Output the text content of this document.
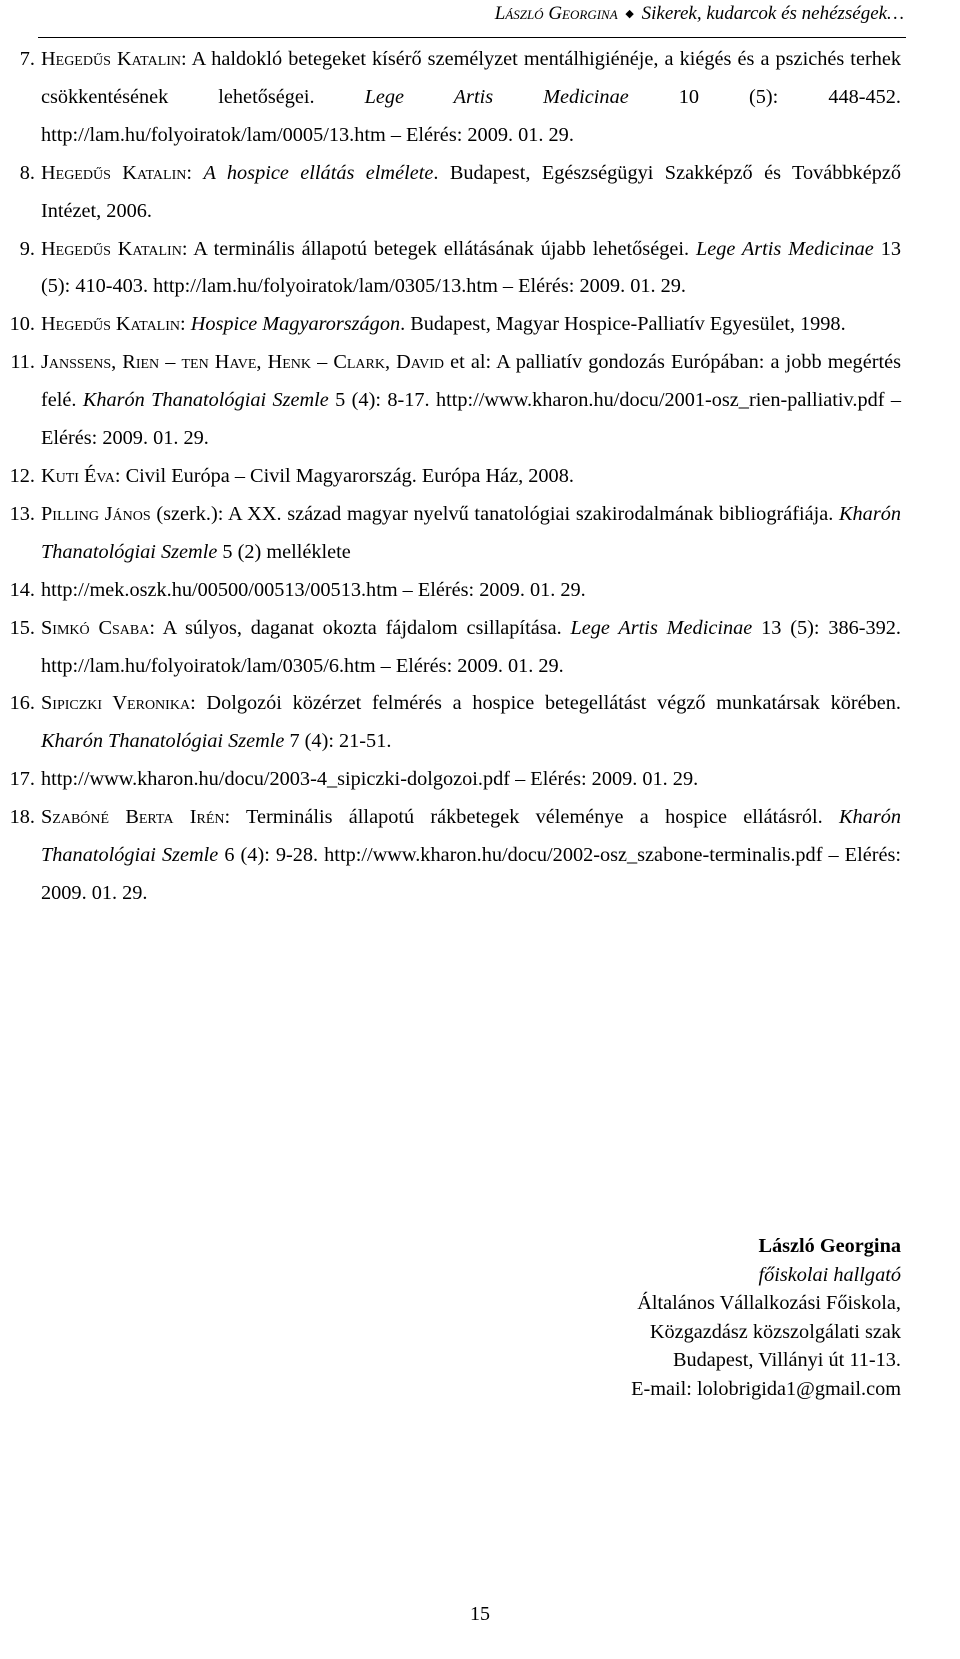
László Georgina ◆ Sikerek, kudarcok és nehézségek…
7. Hegedűs Katalin: A haldokló betegeket kísérő személyzet mentálhigiénéje, a kiégés és a pszichés terhek csökkentésének lehetőségei. Lege Artis Medicinae 10 (5): 448-452. http://lam.hu/folyoiratok/lam/0005/13.htm – Elérés: 2009. 01. 29.
8. Hegedűs Katalin: A hospice ellátás elmélete. Budapest, Egészségügyi Szakképző és Továbbképző Intézet, 2006.
9. Hegedűs Katalin: A terminális állapotú betegek ellátásának újabb lehetőségei. Lege Artis Medicinae 13 (5): 410-403. http://lam.hu/folyoiratok/lam/0305/13.htm – Elérés: 2009. 01. 29.
10. Hegedűs Katalin: Hospice Magyarországon. Budapest, Magyar Hospice-Palliatív Egyesület, 1998.
11. Janssens, Rien – ten Have, Henk – Clark, David et al: A palliatív gondozás Európában: a jobb megértés felé. Kharón Thanatológiai Szemle 5 (4): 8-17. http://www.kharon.hu/docu/2001-osz_rien-palliativ.pdf – Elérés: 2009. 01. 29.
12. Kuti Éva: Civil Európa – Civil Magyarország. Európa Ház, 2008.
13. Pilling János (szerk.): A XX. század magyar nyelvű tanatológiai szakirodalmának bibliográfiája. Kharón Thanatológiai Szemle 5 (2) melléklete
14. http://mek.oszk.hu/00500/00513/00513.htm – Elérés: 2009. 01. 29.
15. Simkó Csaba: A súlyos, daganat okozta fájdalom csillapítása. Lege Artis Medicinae 13 (5): 386-392. http://lam.hu/folyoiratok/lam/0305/6.htm – Elérés: 2009. 01. 29.
16. Sipiczki Veronika: Dolgozói közérzet felmérés a hospice betegellátást végző munkatársak körében. Kharón Thanatológiai Szemle 7 (4): 21-51.
17. http://www.kharon.hu/docu/2003-4_sipiczki-dolgozoi.pdf – Elérés: 2009. 01. 29.
18. Szabóné Berta Irén: Terminális állapotú rákbetegek véleménye a hospice ellátásról. Kharón Thanatológiai Szemle 6 (4): 9-28. http://www.kharon.hu/docu/2002-osz_szabone-terminalis.pdf – Elérés: 2009. 01. 29.
László Georgina
főiskolai hallgató
Általános Vállalkozási Főiskola,
Közgazdász közszolgálati szak
Budapest, Villányi út 11-13.
E-mail: lolobrigida1@gmail.com
15
